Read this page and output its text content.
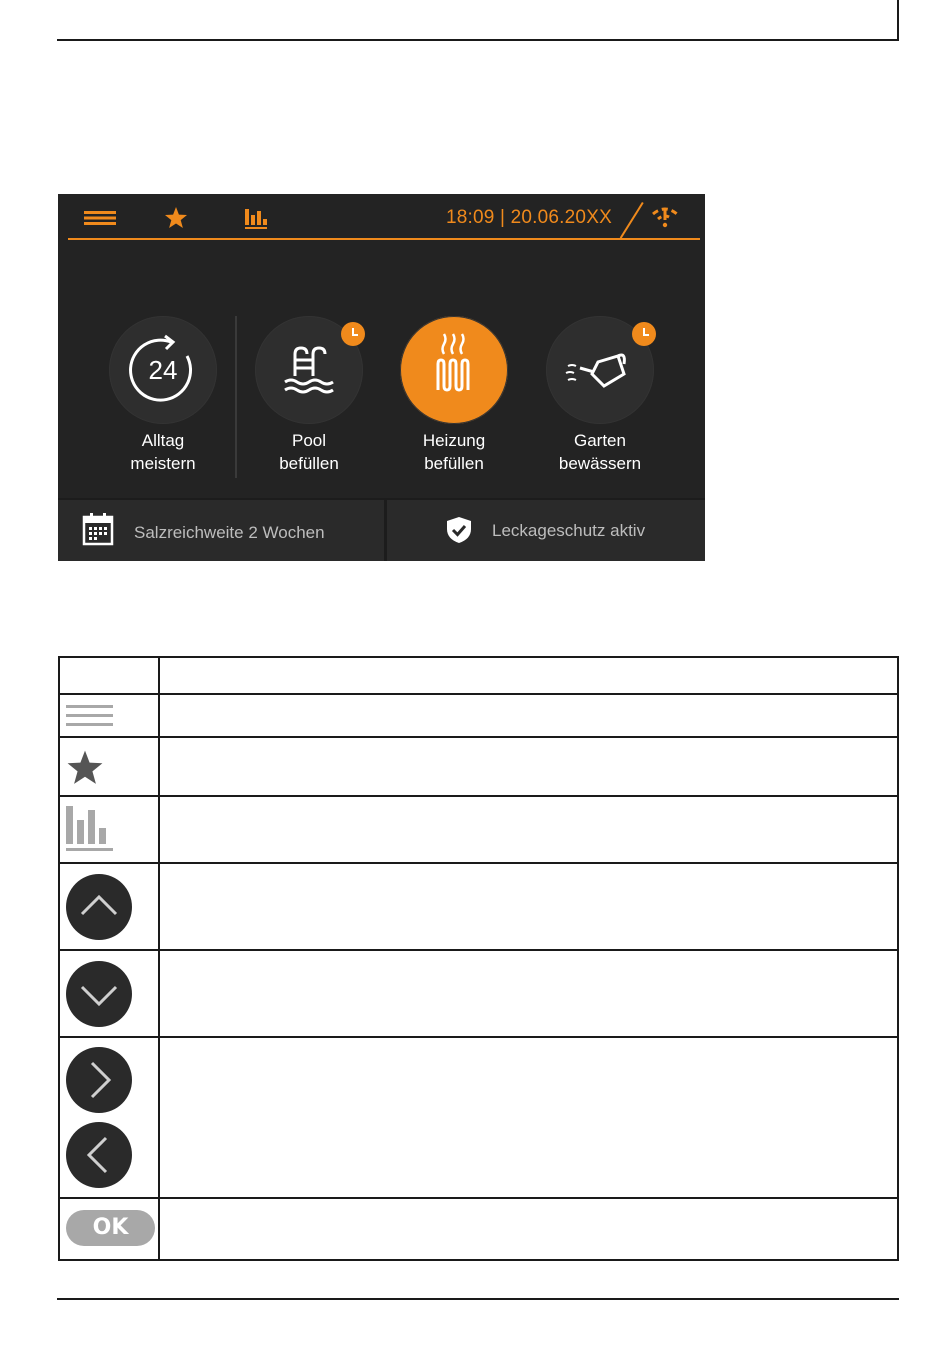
18:09 | 20.06.20XX
24
Alltag
meistern
Pool
befüllen
Heizung
befüllen
Garten
bewässern
Salzreichweite 2 Wochen	Leckageschutz aktiv

OK	
